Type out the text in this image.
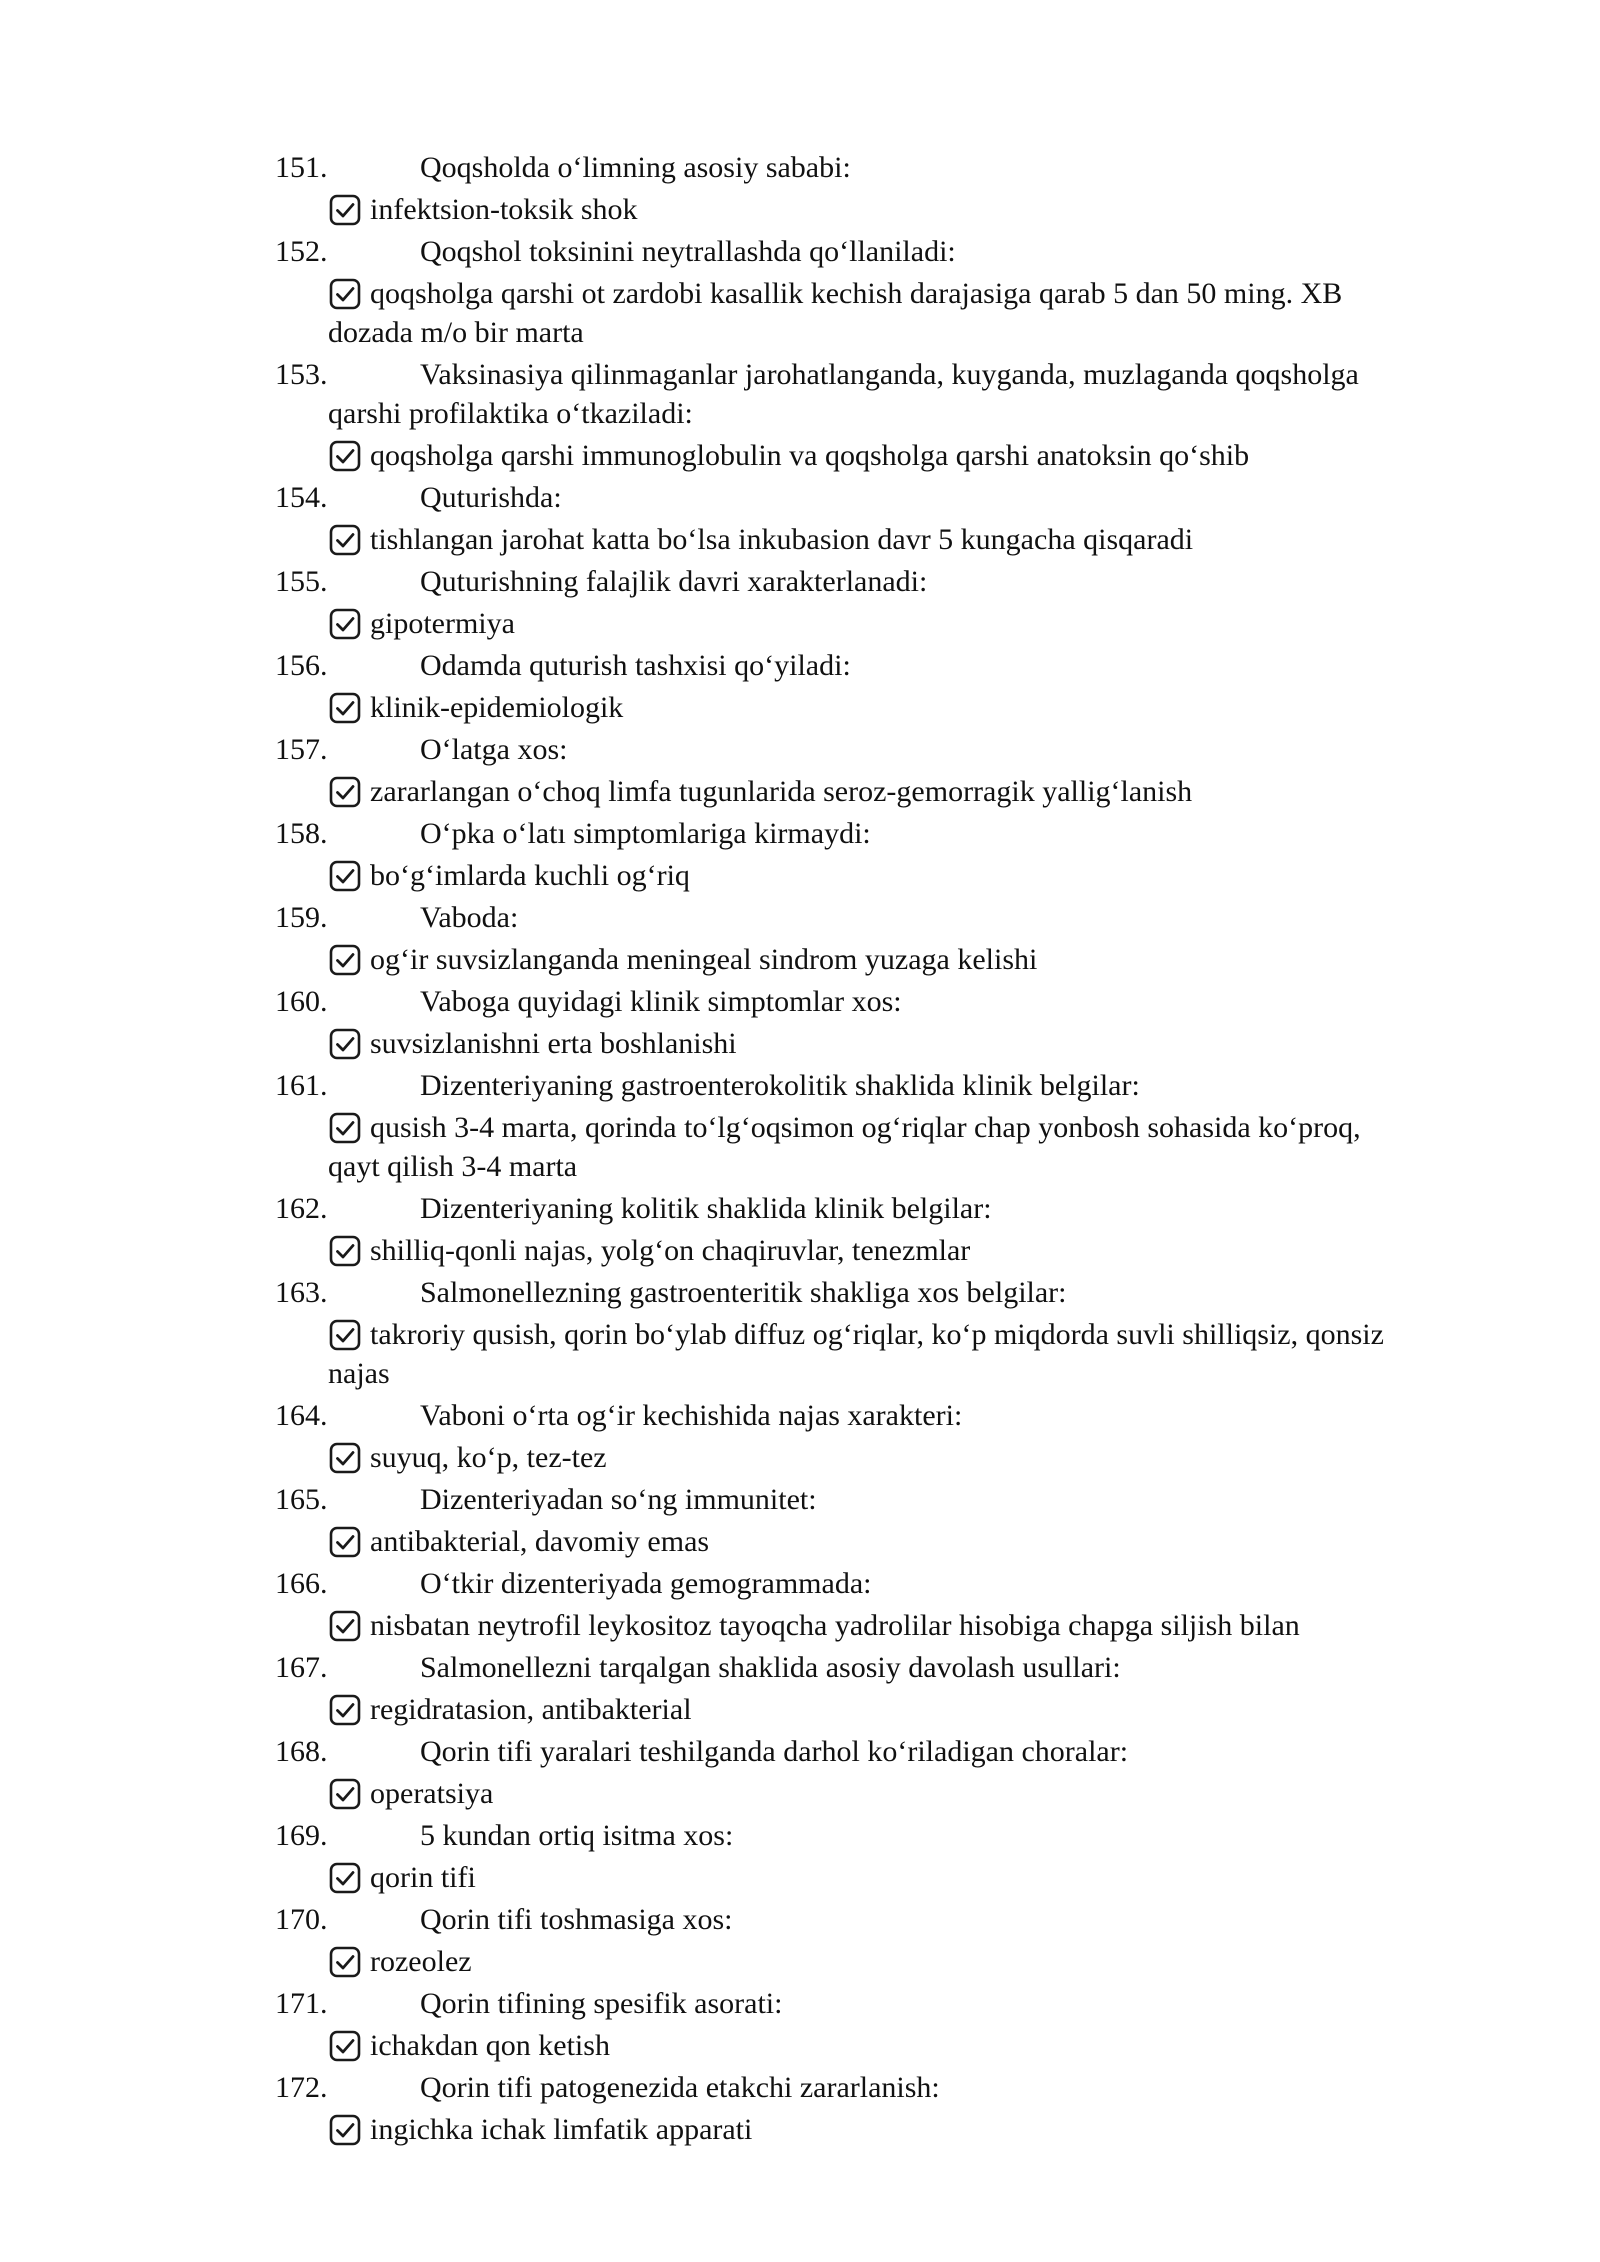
151.	Qoqsholda o‘limning asosiy sababi:
infektsion-toksik shok
152.	Qoqshol toksinini neytrallashda qo‘llaniladi:
qoqsholga qarshi ot zardobi kasallik kechish darajasiga qarab 5 dan 50 ming. XB
dozada m/o bir marta
153.	Vaksinasiya qilinmaganlar jarohatlanganda, kuyganda, muzlaganda qoqsholga
qarshi profilaktika o‘tkaziladi:
qoqsholga qarshi immunoglobulin va qoqsholga qarshi anatoksin qo‘shib
154.	Quturishda:
tishlangan jarohat katta bo‘lsa inkubasion davr 5 kungacha qisqaradi
155.	Quturishning falajlik davri xarakterlanadi:
gipotermiya
156.	Odamda quturish tashxisi qo‘yiladi:
klinik-epidemiologik
157.	O‘latga xos:
zararlangan o‘choq limfa tugunlarida seroz-gemorragik yallig‘lanish
158.	O‘pka o‘latı simptomlariga kirmaydi:
bo‘g‘imlarda kuchli og‘riq
159.	Vaboda:
og‘ir suvsizlanganda meningeal sindrom yuzaga kelishi
160.	Vaboga quyidagi klinik simptomlar xos:
suvsizlanishni erta boshlanishi
161.	Dizenteriyaning gastroenterokolitik shaklida klinik belgilar:
qusish 3-4 marta, qorinda to‘lg‘oqsimon og‘riqlar chap yonbosh sohasida ko‘proq,
qayt qilish 3-4 marta
162.	Dizenteriyaning kolitik shaklida klinik belgilar:
shilliq-qonli najas, yolg‘on chaqiruvlar, tenezmlar
163.	Salmonellezning gastroenteritik shakliga xos belgilar:
takroriy qusish, qorin bo‘ylab diffuz og‘riqlar, ko‘p miqdorda suvli shilliqsiz, qonsiz
najas
164.	Vaboni o‘rta og‘ir kechishida najas xarakteri:
suyuq, ko‘p, tez-tez
165.	Dizenteriyadan so‘ng immunitet:
antibakterial, davomiy emas
166.	O‘tkir dizenteriyada gemogrammada:
nisbatan neytrofil leykositoz tayoqcha yadrolilar hisobiga chapga siljish bilan
167.	Salmonellezni tarqalgan shaklida asosiy davolash usullari:
regidratasion, antibakterial
168.	Qorin tifi yaralari teshilganda darhol ko‘riladigan choralar:
operatsiya
169.	5 kundan ortiq isitma xos:
qorin tifi
170.	Qorin tifi toshmasiga xos:
rozeolez
171.	Qorin tifining spesifik asorati:
ichakdan qon ketish
172.	Qorin tifi patogenezida etakchi zararlanish:
ingichka ichak limfatik apparati
